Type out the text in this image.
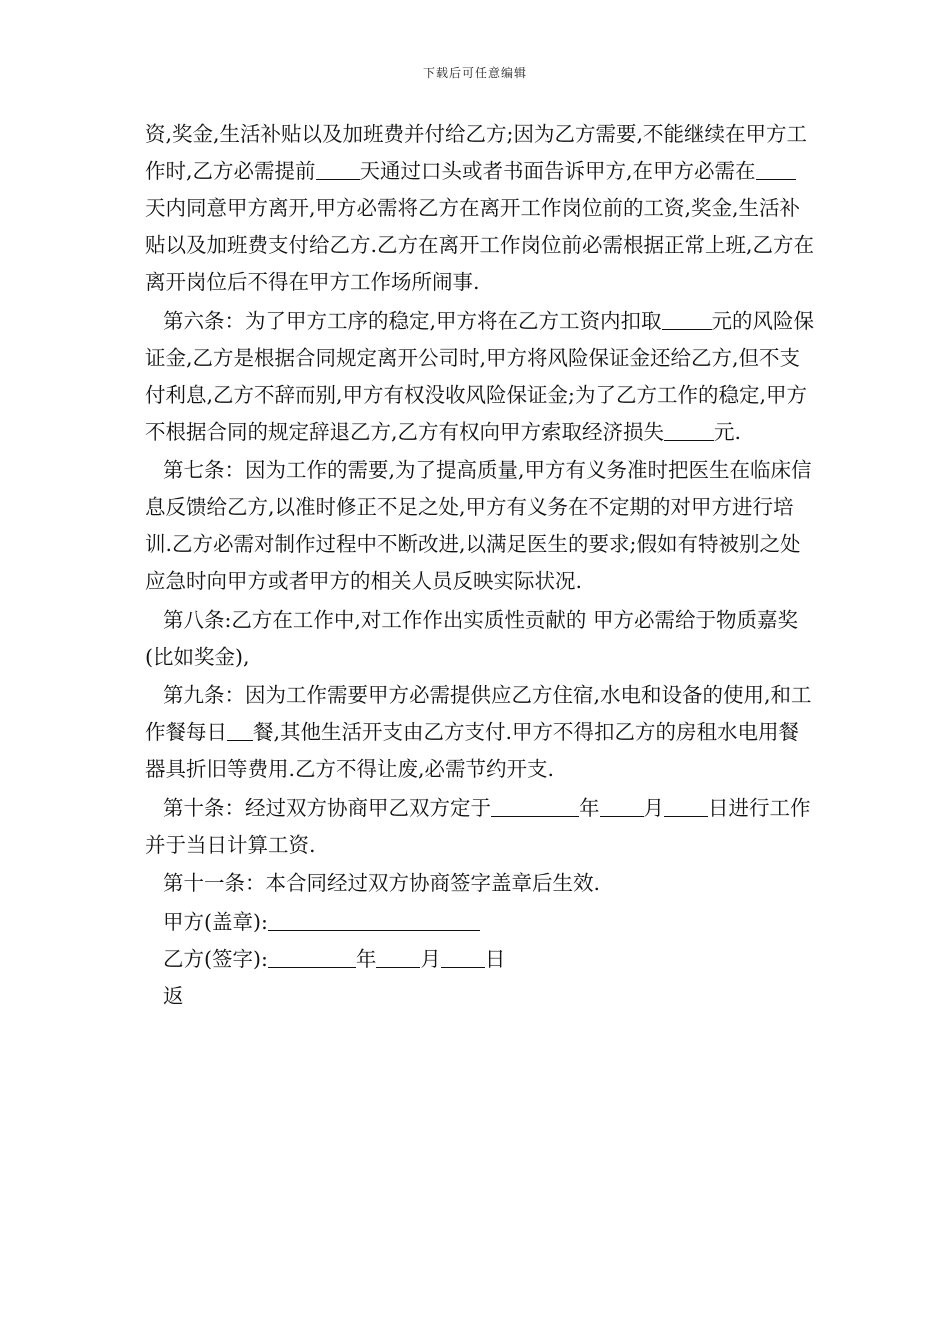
下载后可任意编辑

资,奖金,生活补贴以及加班费并付给乙方;因为乙方需要,不能继续在甲方工作时,乙方必需提前 天通过口头或者书面告诉甲方,在甲方必需在天内同意甲方离开,甲方必需将乙方在离开工作岗位前的工资,奖金,生活补贴以及加班费支付给乙方.乙方在离开工作岗位前必需根据正常上班,乙方在离开岗位后不得在甲方工作场所闹事.

第六条：为了甲方工序的稳定,甲方将在乙方工资内扣取 元的风险保证金,乙方是根据合同规定离开公司时,甲方将风险保证金还给乙方,但不支付利息,乙方不辞而别,甲方有权没收风险保证金;为了乙方工作的稳定,甲方不根据合同的规定辞退乙方,乙方有权向甲方索取经济损失 元.

第七条：因为工作的需要,为了提高质量,甲方有义务准时把医生在临床信息反馈给乙方,以准时修正不足之处,甲方有义务在不定期的对甲方进行培训.乙方必需对制作过程中不断改进,以满足医生的要求;假如有特被别之处应急时向甲方或者甲方的相关人员反映实际状况.

第八条:乙方在工作中,对工作作出实质性贡献的 甲方必需给于物质嘉奖(比如奖金),

第九条：因为工作需要甲方必需提供应乙方住宿,水电和设备的使用,和工作餐每日 餐,其他生活开支由乙方支付.甲方不得扣乙方的房租水电用餐器具折旧等费用.乙方不得让废,必需节约开支.

第十条：经过双方协商甲乙双方定于	年 月 日进行工作 并于当日计算工资.

第十一条：本合同经过双方协商签字盖章后生效.

甲方(盖章):

乙方(签字):	年 月 日

返
